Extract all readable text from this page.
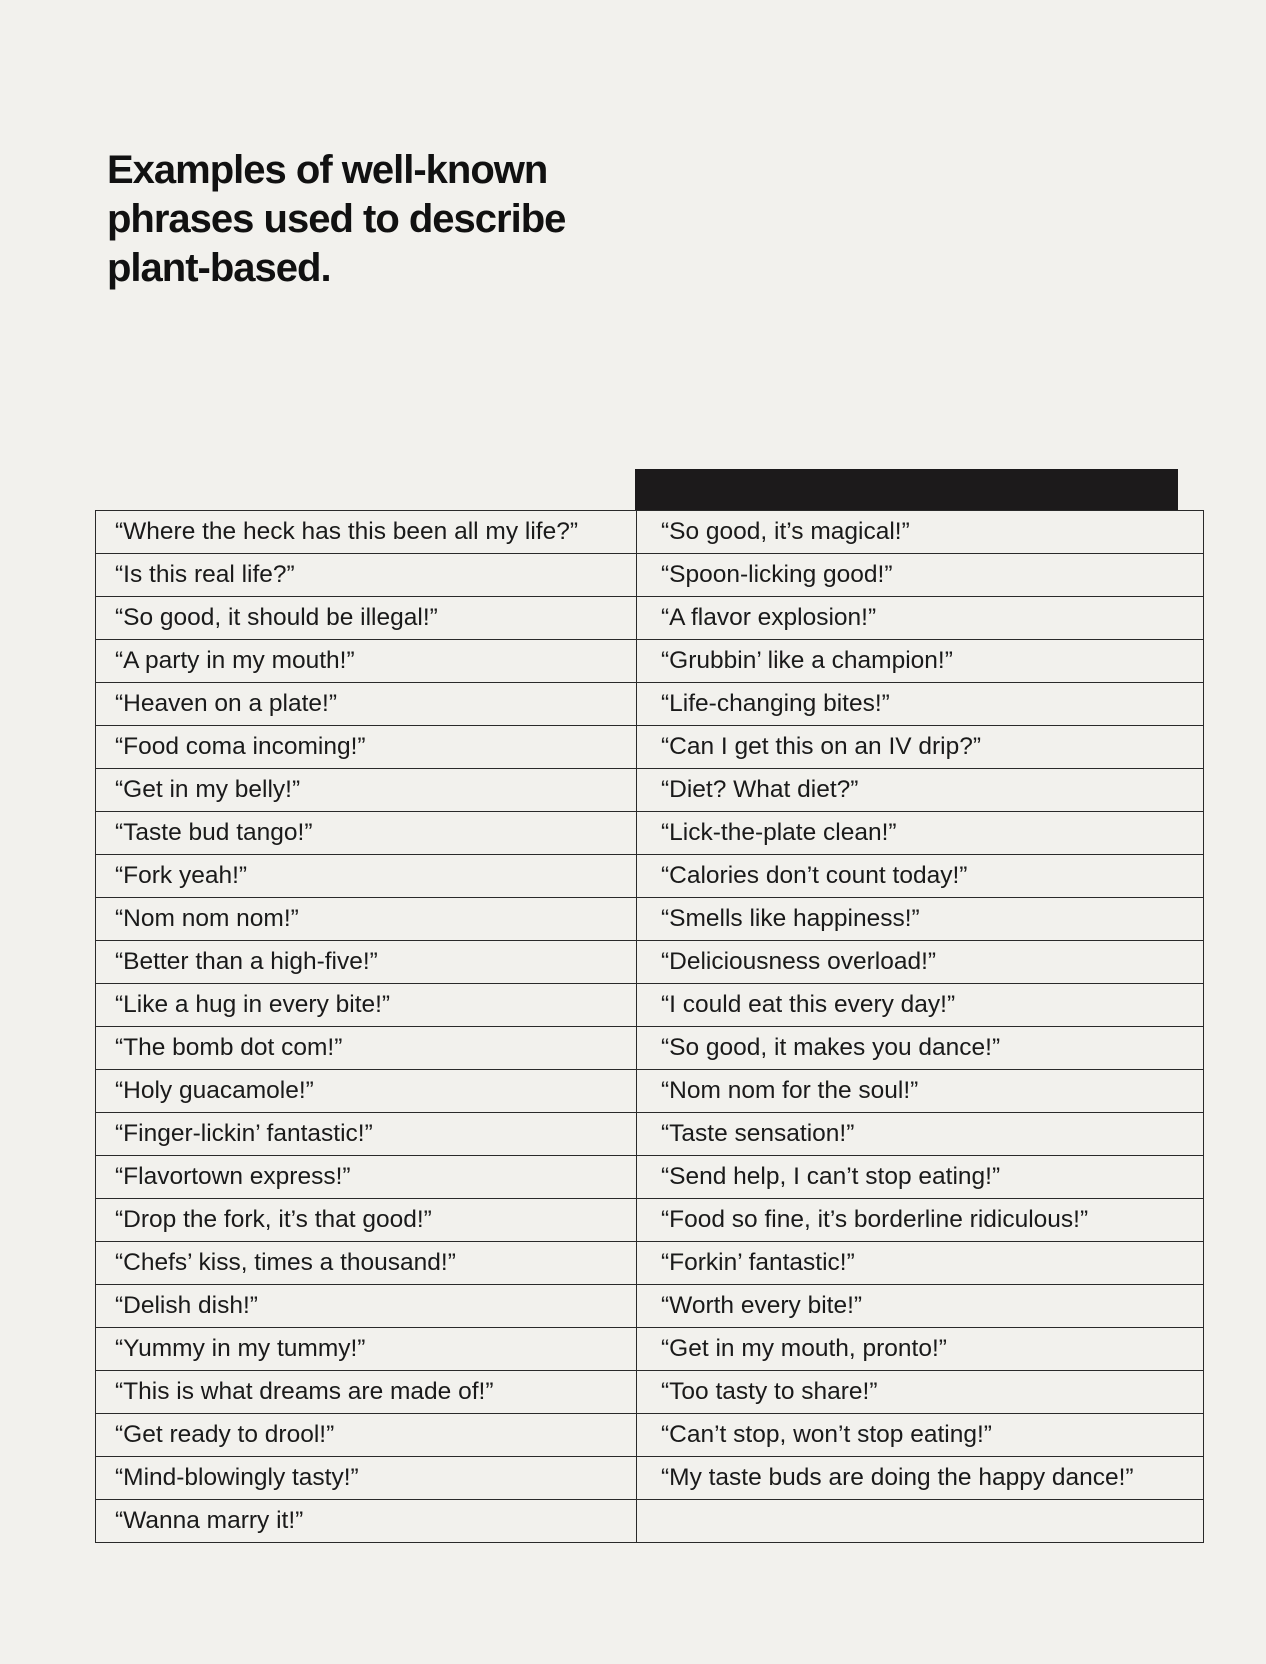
Examples of well-known phrases used to describe plant-based.
“Where the heck has this been all my life?”	“So good, it’s magical!”
“Is this real life?”	“Spoon-licking good!”
“So good, it should be illegal!”	“A flavor explosion!”
“A party in my mouth!”	“Grubbin’ like a champion!”
“Heaven on a plate!”	“Life-changing bites!”
“Food coma incoming!”	“Can I get this on an IV drip?”
“Get in my belly!”	“Diet? What diet?”
“Taste bud tango!”	“Lick-the-plate clean!”
“Fork yeah!”	“Calories don’t count today!”
“Nom nom nom!”	“Smells like happiness!”
“Better than a high-five!”	“Deliciousness overload!”
“Like a hug in every bite!”	“I could eat this every day!”
“The bomb dot com!”	“So good, it makes you dance!”
“Holy guacamole!”	“Nom nom for the soul!”
“Finger-lickin’ fantastic!”	“Taste sensation!”
“Flavortown express!”	“Send help, I can’t stop eating!”
“Drop the fork, it’s that good!”	“Food so fine, it’s borderline ridiculous!”
“Chefs’ kiss, times a thousand!”	“Forkin’ fantastic!”
“Delish dish!”	“Worth every bite!”
“Yummy in my tummy!”	“Get in my mouth, pronto!”
“This is what dreams are made of!”	“Too tasty to share!”
“Get ready to drool!”	“Can’t stop, won’t stop eating!”
“Mind-blowingly tasty!”	“My taste buds are doing the happy dance!”
“Wanna marry it!”	
